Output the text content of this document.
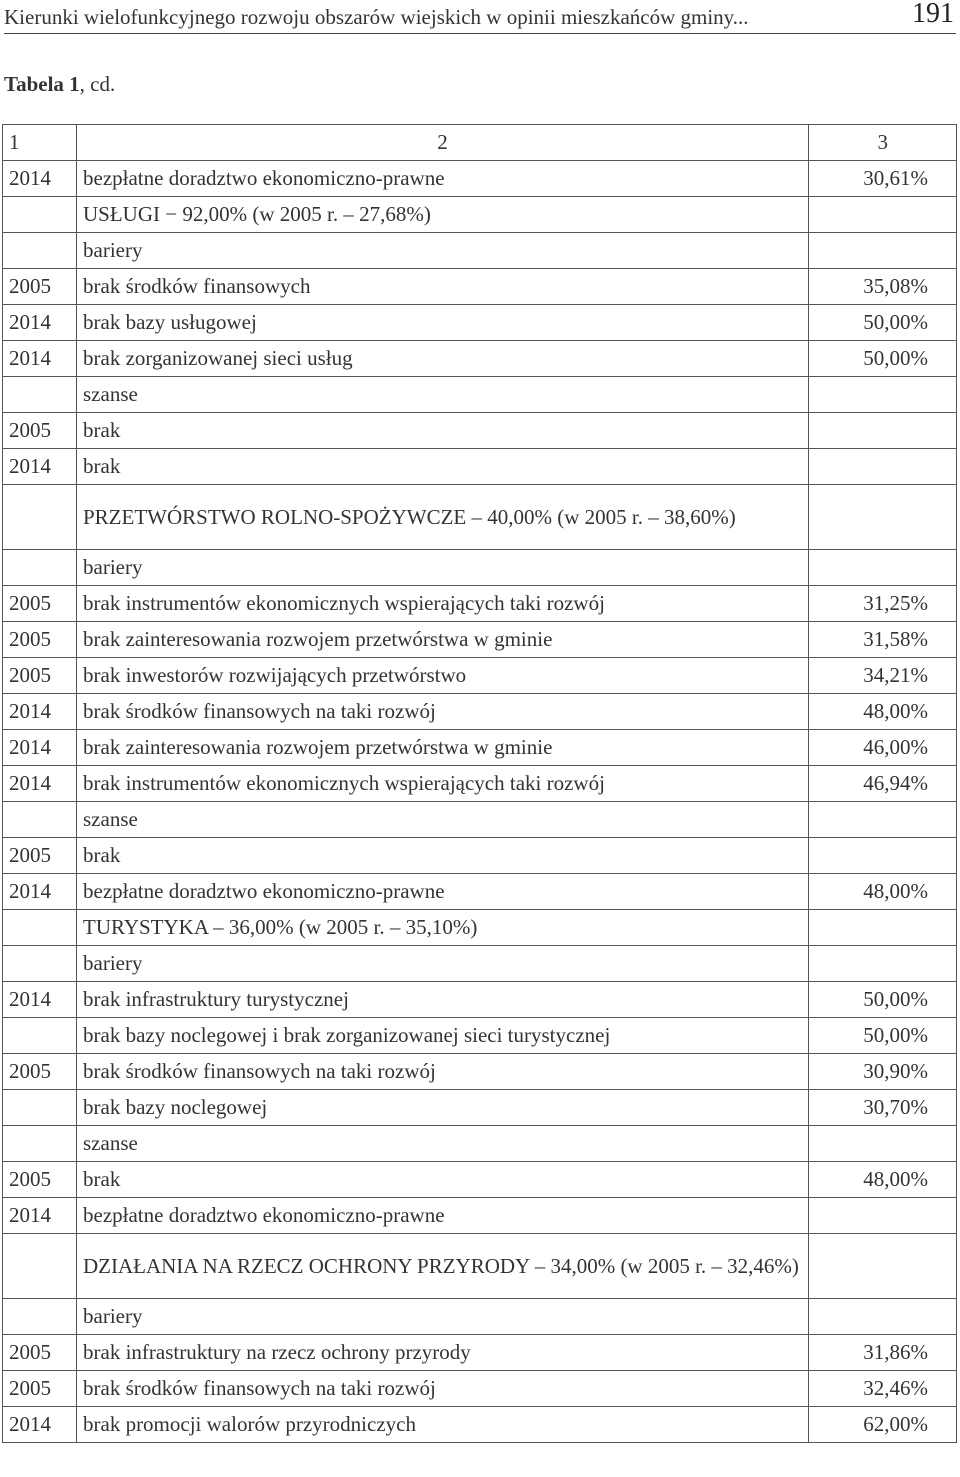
Kierunki wielofunkcyjnego rozwoju obszarów wiejskich w opinii mieszkańców gminy...	191
Tabela 1, cd.
1	2	3
2014	bezpłatne doradztwo ekonomiczno-prawne	30,61%
	USŁUGI − 92,00% (w 2005 r. – 27,68%)	
	bariery	
2005	brak środków finansowych	35,08%
2014	brak bazy usługowej	50,00%
2014	brak zorganizowanej sieci usług	50,00%
	szanse	
2005	brak	
2014	brak	
	PRZETWÓRSTWO ROLNO-SPOŻYWCZE – 40,00% (w 2005 r. – 38,60%)	
	bariery	
2005	brak instrumentów ekonomicznych wspierających taki rozwój	31,25%
2005	brak zainteresowania rozwojem przetwórstwa w gminie	31,58%
2005	brak inwestorów rozwijających przetwórstwo	34,21%
2014	brak środków finansowych na taki rozwój	48,00%
2014	brak zainteresowania rozwojem przetwórstwa w gminie	46,00%
2014	brak instrumentów ekonomicznych wspierających taki rozwój	46,94%
	szanse	
2005	brak	
2014	bezpłatne doradztwo ekonomiczno-prawne	48,00%
	TURYSTYKA – 36,00% (w 2005 r. – 35,10%)	
	bariery	
2014	brak infrastruktury turystycznej	50,00%
	brak bazy noclegowej i brak zorganizowanej sieci turystycznej	50,00%
2005	brak środków finansowych na taki rozwój	30,90%
	brak bazy noclegowej	30,70%
	szanse	
2005	brak	48,00%
2014	bezpłatne doradztwo ekonomiczno-prawne	
	DZIAŁANIA NA RZECZ OCHRONY PRZYRODY – 34,00% (w 2005 r. – 32,46%)	
	bariery	
2005	brak infrastruktury na rzecz ochrony przyrody	31,86%
2005	brak środków finansowych na taki rozwój	32,46%
2014	brak promocji walorów przyrodniczych	62,00%
